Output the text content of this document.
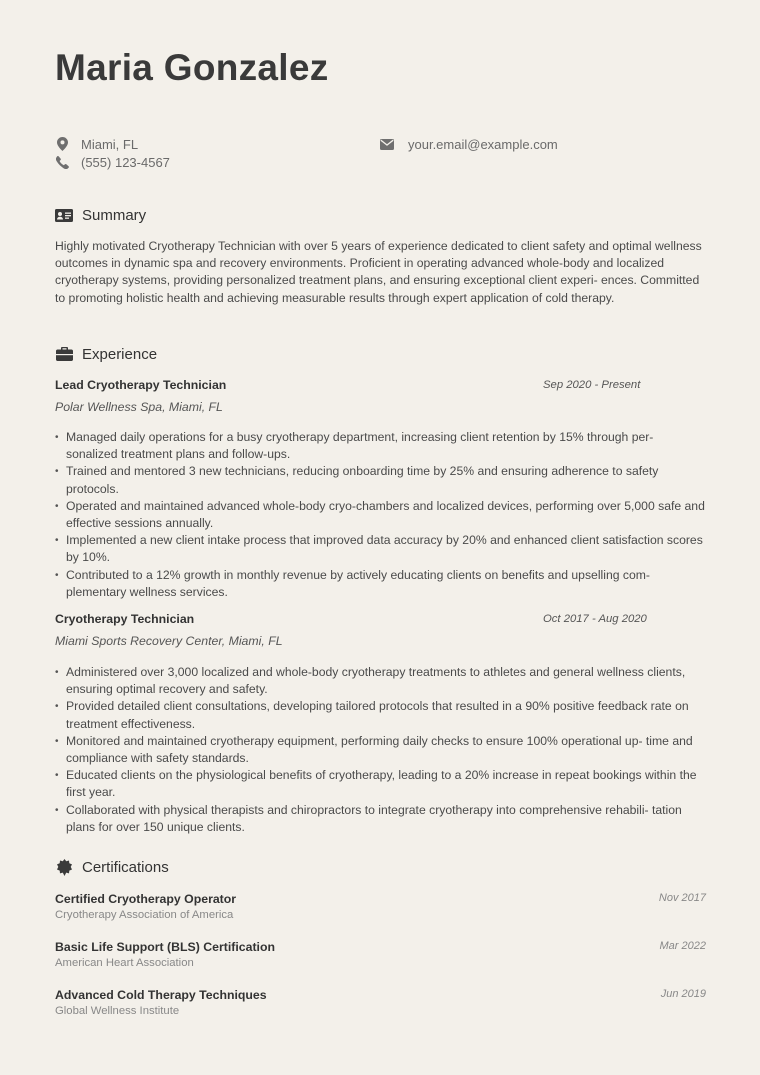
Maria Gonzalez
Miami, FL
(555) 123-4567
your.email@example.com
Summary

Highly motivated Cryotherapy Technician with over 5 years of experience dedicated to client safety and optimal wellness outcomes in dynamic spa and recovery environments. Proficient in operating advanced whole-body and localized cryotherapy systems, providing personalized treatment plans, and ensuring exceptional client experi- ences. Committed to promoting holistic health and achieving measurable results through expert application of cold therapy.

Experience
Lead Cryotherapy Technician	Sep 2020 - Present
Polar Wellness Spa, Miami, FL
• Managed daily operations for a busy cryotherapy department, increasing client retention by 15% through per- sonalized treatment plans and follow-ups.
• Trained and mentored 3 new technicians, reducing onboarding time by 25% and ensuring adherence to safety protocols.
• Operated and maintained advanced whole-body cryo-chambers and localized devices, performing over 5,000 safe and effective sessions annually.
• Implemented a new client intake process that improved data accuracy by 20% and enhanced client satisfaction scores by 10%.
• Contributed to a 12% growth in monthly revenue by actively educating clients on benefits and upselling com- plementary wellness services.
Cryotherapy Technician	Oct 2017 - Aug 2020
Miami Sports Recovery Center, Miami, FL
• Administered over 3,000 localized and whole-body cryotherapy treatments to athletes and general wellness clients, ensuring optimal recovery and safety.
• Provided detailed client consultations, developing tailored protocols that resulted in a 90% positive feedback rate on treatment effectiveness.
• Monitored and maintained cryotherapy equipment, performing daily checks to ensure 100% operational up- time and compliance with safety standards.
• Educated clients on the physiological benefits of cryotherapy, leading to a 20% increase in repeat bookings within the first year.
• Collaborated with physical therapists and chiropractors to integrate cryotherapy into comprehensive rehabili- tation plans for over 150 unique clients.
Certifications
Certified Cryotherapy Operator	Nov 2017
Cryotherapy Association of America
Basic Life Support (BLS) Certification	Mar 2022
American Heart Association
Advanced Cold Therapy Techniques	Jun 2019
Global Wellness Institute
